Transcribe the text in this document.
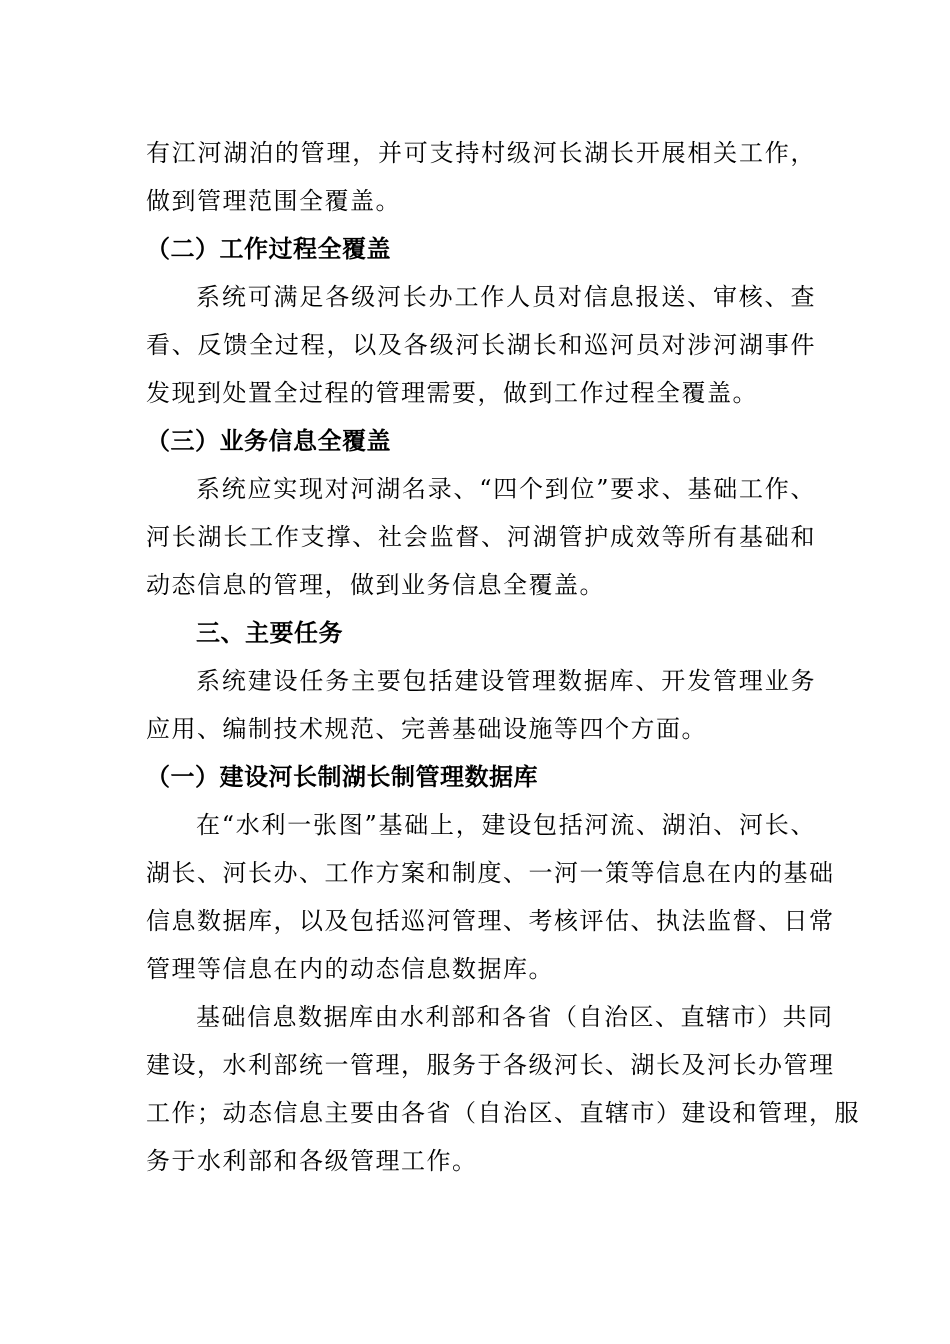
有江河湖泊的管理，并可支持村级河长湖长开展相关工作，
做到管理范围全覆盖。
（二）工作过程全覆盖
系统可满足各级河长办工作人员对信息报送、审核、查
看、反馈全过程，以及各级河长湖长和巡河员对涉河湖事件
发现到处置全过程的管理需要，做到工作过程全覆盖。
（三）业务信息全覆盖
系统应实现对河湖名录、“四个到位”要求、基础工作、
河长湖长工作支撑、社会监督、河湖管护成效等所有基础和
动态信息的管理，做到业务信息全覆盖。
三、主要任务
系统建设任务主要包括建设管理数据库、开发管理业务
应用、编制技术规范、完善基础设施等四个方面。
（一）建设河长制湖长制管理数据库
在“水利一张图”基础上，建设包括河流、湖泊、河长、
湖长、河长办、工作方案和制度、一河一策等信息在内的基础
信息数据库，以及包括巡河管理、考核评估、执法监督、日常
管理等信息在内的动态信息数据库。
基础信息数据库由水利部和各省（自治区、直辖市）共同
建设，水利部统一管理，服务于各级河长、湖长及河长办管理
工作；动态信息主要由各省（自治区、直辖市）建设和管理，服
务于水利部和各级管理工作。
